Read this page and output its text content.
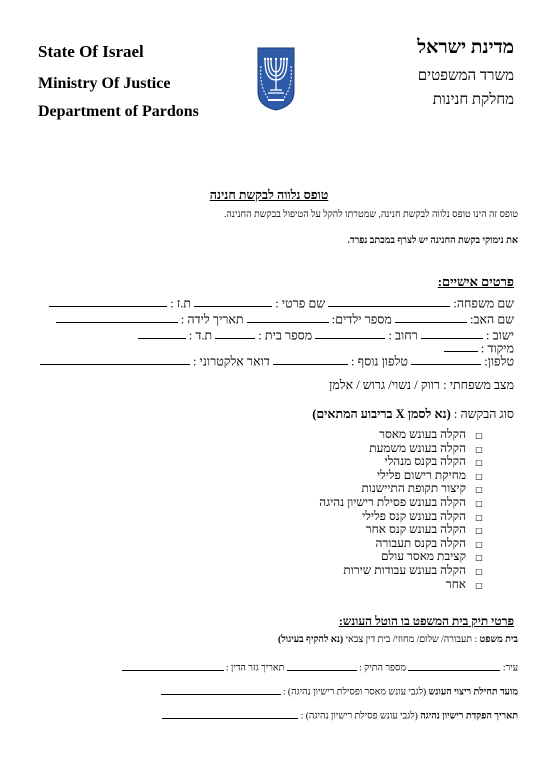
State Of Israel
Ministry Of Justice
Department of Pardons
מדינת ישראל
משרד המשפטים
מחלקת חנינות
טופס נלווה לבקשת חנינה
טופס זה הינו טופס נלווה לבקשת חנינה, שמטרתו להקל על הטיפול בבקשת החנינה.
את נימוקי בקשת החנינה יש לצרף במכתב נפרד.
פרטים אישיים:
שם משפחה:  שם פרטי :  ת.ז :
שם האב:  מספר ילדים:  תאריך לידה :
ישוב :  רחוב :  מספר בית :  ת.ד :
מיקוד :
טלפון:  טלפון נוסף :  דואר אלקטרוני :
מצב משפחתי : רווק / נשוי/ גרוש / אלמן
סוג הבקשה : (נא לסמן X בריבוע המתאים)
□הקלה בעונש מאסר
□הקלה בעונש משמעת
□הקלה בקנס מנהלי
□מחיקת רישום פלילי
□קיצור תקופת התיישנות
□הקלה בעונש פסילת רישיון נהיגה
□הקלה בעונש קנס פלילי
□הקלה בעונש קנס אחר
□הקלה בקנס תעבורה
□קציבת מאסר עולם
□הקלה בעונש עבודות שירות
□אחר
פרטי תיק בית המשפט בו הוטל העונש:
בית משפט : תעבורה/ שלום/ מחוזי/ בית דין צבאי (נא להקיף בעיגול)
עיר:  מספר התיק :  תאריך גזר הדין :
מועד תחילת ריצוי העונש (לגבי עונש מאסר ופסילת רישיון נהיגה) :
תאריך הפקדת רישיון נהיגה (לגבי עונש פסילת רישיון נהיגה) :
